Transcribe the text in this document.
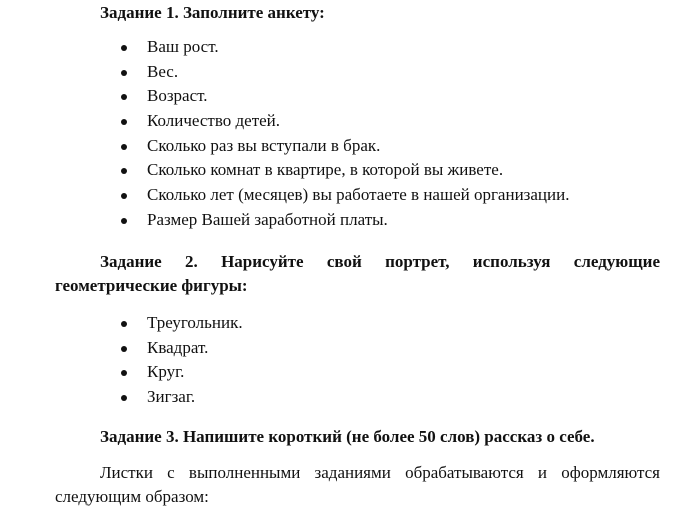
Задание 1. Заполните анкету:
Ваш рост.
Вес.
Возраст.
Количество детей.
Сколько раз вы вступали в брак.
Сколько комнат в квартире, в которой вы живете.
Сколько лет (месяцев) вы работаете в нашей организации.
Размер Вашей заработной платы.
Задание 2. Нарисуйте свой портрет, используя следующие
геометрические фигуры:
Треугольник.
Квадрат.
Круг.
Зигзаг.
Задание 3. Напишите короткий (не более 50 слов) рассказ о себе.
Листки с выполненными заданиями обрабатываются и оформляются
следующим образом:
